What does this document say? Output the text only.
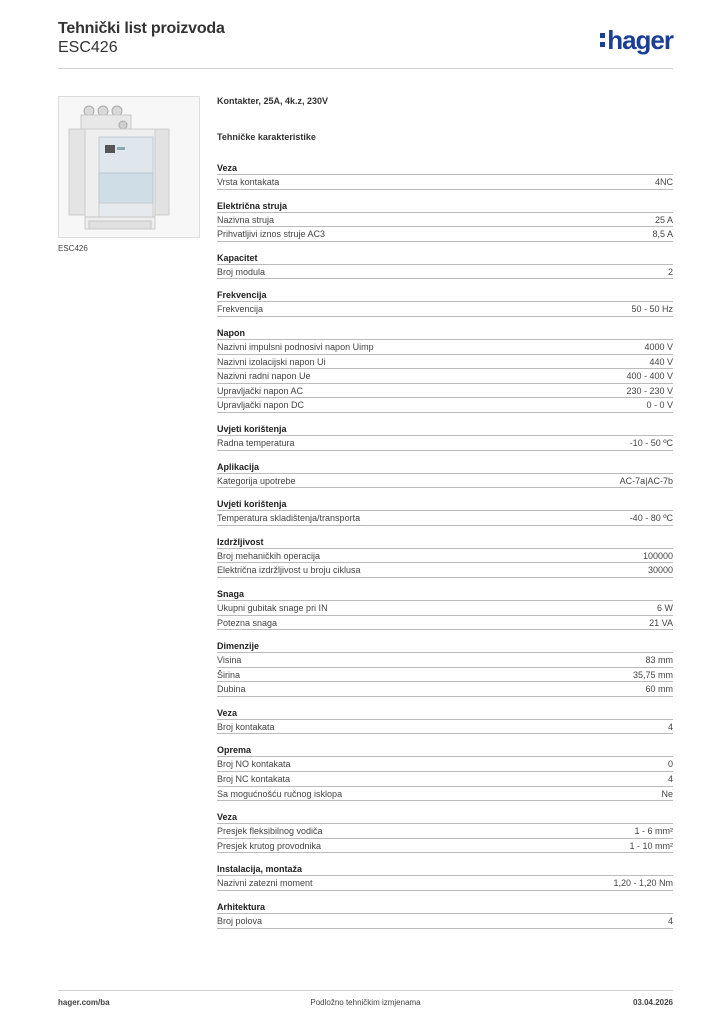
Tehnički list proizvoda
ESC426	hager
ESC426
Kontakter, 25A, 4k.z, 230V
Tehničke karakteristike
Veza
Vrsta kontakata	4NC
Električna struja
Nazivna struja	25 A
Prihvatljivi iznos struje AC3	8,5 A
Kapacitet
Broj modula	2
Frekvencija
Frekvencija	50 - 50 Hz
Napon
Nazivni impulsni podnosivi napon Uimp	4000 V
Nazivni izolacijski napon Ui	440 V
Nazivni radni napon Ue	400 - 400 V
Upravljački napon AC	230 - 230 V
Upravljački napon DC	0 - 0 V
Uvjeti korištenja
Radna temperatura	-10 - 50 ºC
Aplikacija
Kategorija upotrebe	AC-7a|AC-7b
Uvjeti korištenja
Temperatura skladištenja/transporta	-40 - 80 ºC
Izdržljivost
Broj mehaničkih operacija	100000
Električna izdržljivost u broju ciklusa	30000
Snaga
Ukupni gubitak snage pri IN	6 W
Potezna snaga	21 VA
Dimenzije
Visina	83 mm
Širina	35,75 mm
Dubina	60 mm
Veza
Broj kontakata	4
Oprema
Broj NO kontakata	0
Broj NC kontakata	4
Sa mogućnošću ručnog isklopa	Ne
Veza
Presjek fleksibilnog vodiča	1 - 6 mm²
Presjek krutog provodnika	1 - 10 mm²
Instalacija, montaža
Nazivni zatezni moment	1,20 - 1,20 Nm
Arhitektura
Broj polova	4
hager.com/ba	Podložno tehničkim izmjenama	03.04.2026
